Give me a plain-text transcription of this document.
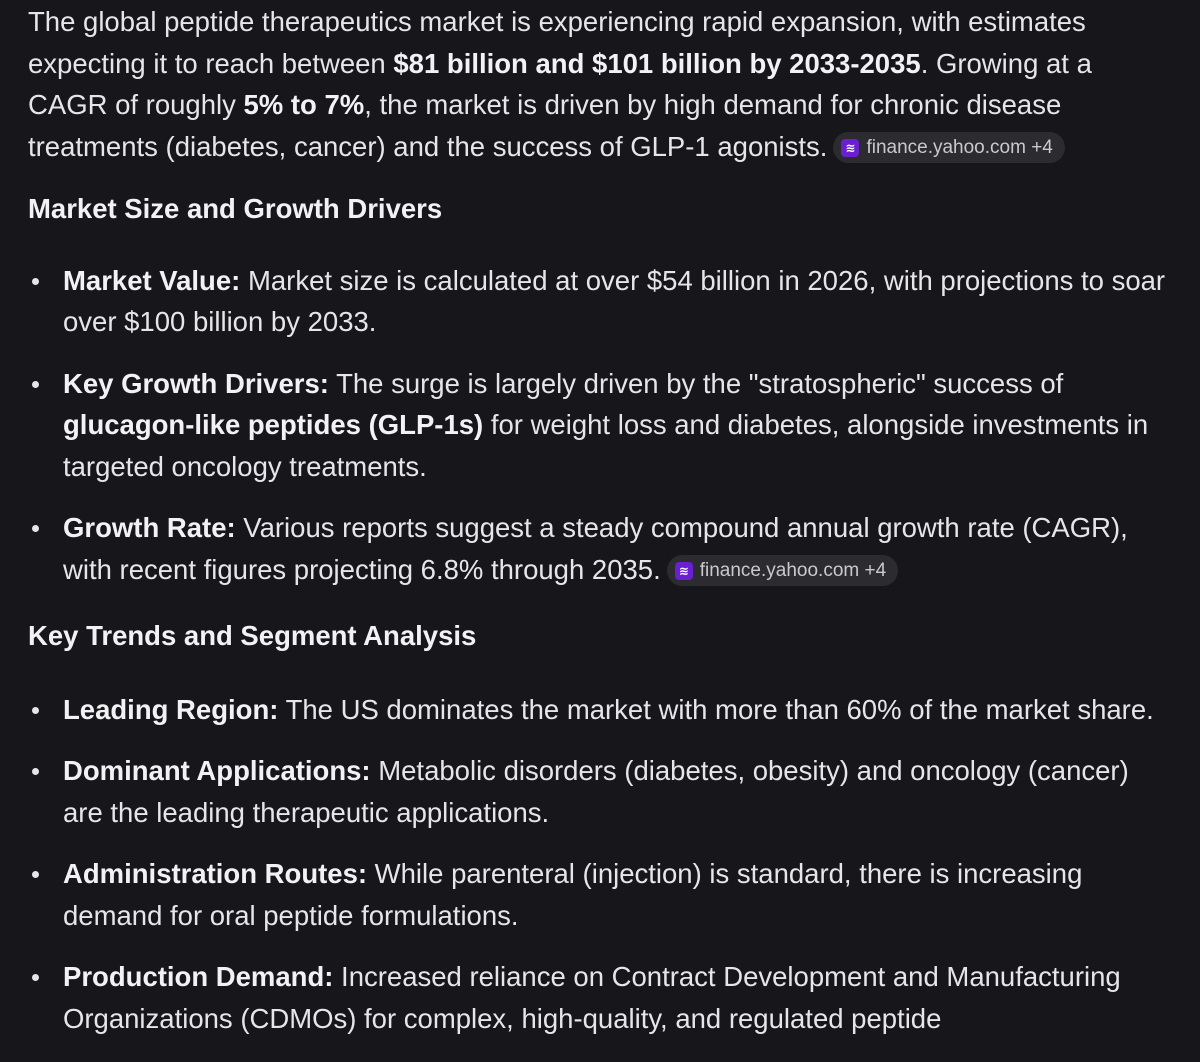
The global peptide therapeutics market is experiencing rapid expansion, with estimates expecting it to reach between $81 billion and $101 billion by 2033-2035. Growing at a CAGR of roughly 5% to 7%, the market is driven by high demand for chronic disease treatments (diabetes, cancer) and the success of GLP-1 agonists.	≋ finance.yahoo.com +4

Market Size and Growth Drivers
Market Value: Market size is calculated at over $54 billion in 2026, with projections to soar over $100 billion by 2033.
Key Growth Drivers: The surge is largely driven by the "stratospheric" success of glucagon-like peptides (GLP-1s) for weight loss and diabetes, alongside investments in targeted oncology treatments.
Growth Rate: Various reports suggest a steady compound annual growth rate (CAGR), with recent figures projecting 6.8% through 2035.	≋ finance.yahoo.com +4
Key Trends and Segment Analysis
Leading Region: The US dominates the market with more than 60% of the market share.
Dominant Applications: Metabolic disorders (diabetes, obesity) and oncology (cancer) are the leading therapeutic applications.
Administration Routes: While parenteral (injection) is standard, there is increasing demand for oral peptide formulations.
Production Demand: Increased reliance on Contract Development and Manufacturing Organizations (CDMOs) for complex, high-quality, and regulated peptide
